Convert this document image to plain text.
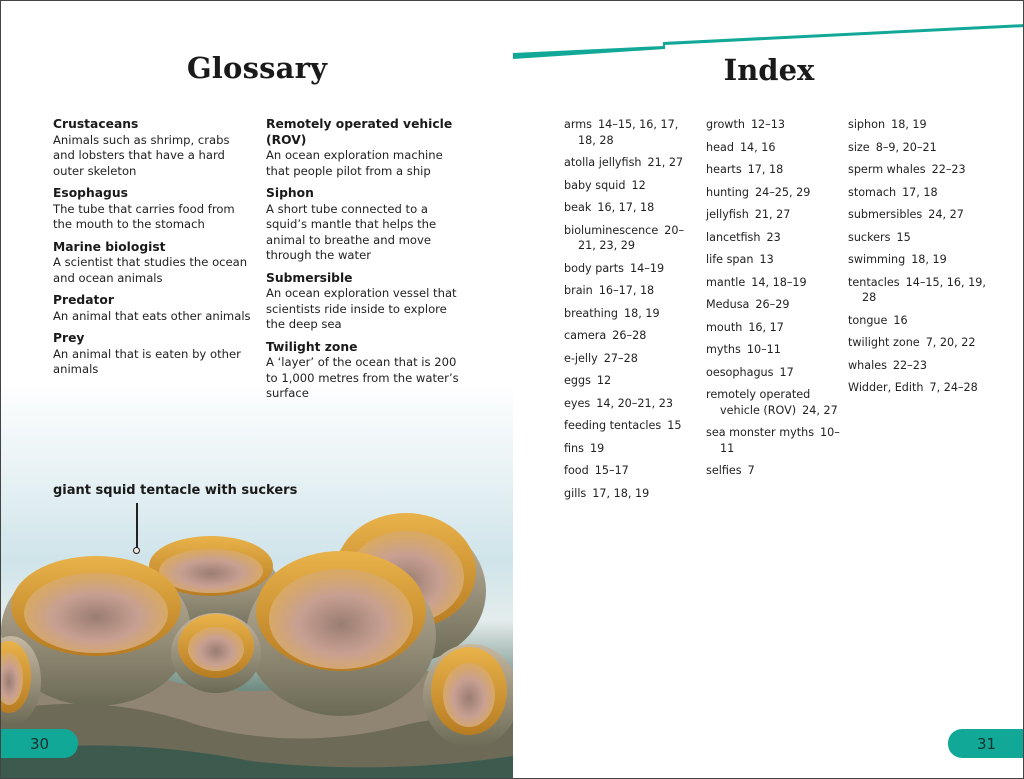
Glossary
Crustaceans
Animals such as shrimp, crabs and lobsters that have a hard outer skeleton
Esophagus
The tube that carries food from the mouth to the stomach
Marine biologist
A scientist that studies the ocean and ocean animals
Predator
An animal that eats other animals
Prey
An animal that is eaten by other animals
Remotely operated vehicle (ROV)
An ocean exploration machine that people pilot from a ship
Siphon
A short tube connected to a squid’s mantle that helps the animal to breathe and move through the water
Submersible
An ocean exploration vessel that scientists ride inside to explore the deep sea
Twilight zone
A ‘layer’ of the ocean that is 200 to 1,000 metres from the water’s surface
giant squid tentacle with suckers
30
Index
arms 14–15, 16, 17, 18, 28
atolla jellyfish 21, 27
baby squid 12
beak 16, 17, 18
bioluminescence 20–21, 23, 29
body parts 14–19
brain 16–17, 18
breathing 18, 19
camera 26–28
e-jelly 27–28
eggs 12
eyes 14, 20–21, 23
feeding tentacles 15
fins 19
food 15–17
gills 17, 18, 19
growth 12–13
head 14, 16
hearts 17, 18
hunting 24–25, 29
jellyfish 21, 27
lancetfish 23
life span 13
mantle 14, 18–19
Medusa 26–29
mouth 16, 17
myths 10–11
oesophagus 17
remotely operated vehicle (ROV) 24, 27
sea monster myths 10–11
selfies 7
siphon 18, 19
size 8–9, 20–21
sperm whales 22–23
stomach 17, 18
submersibles 24, 27
suckers 15
swimming 18, 19
tentacles 14–15, 16, 19, 28
tongue 16
twilight zone 7, 20, 22
whales 22–23
Widder, Edith 7, 24–28
31
